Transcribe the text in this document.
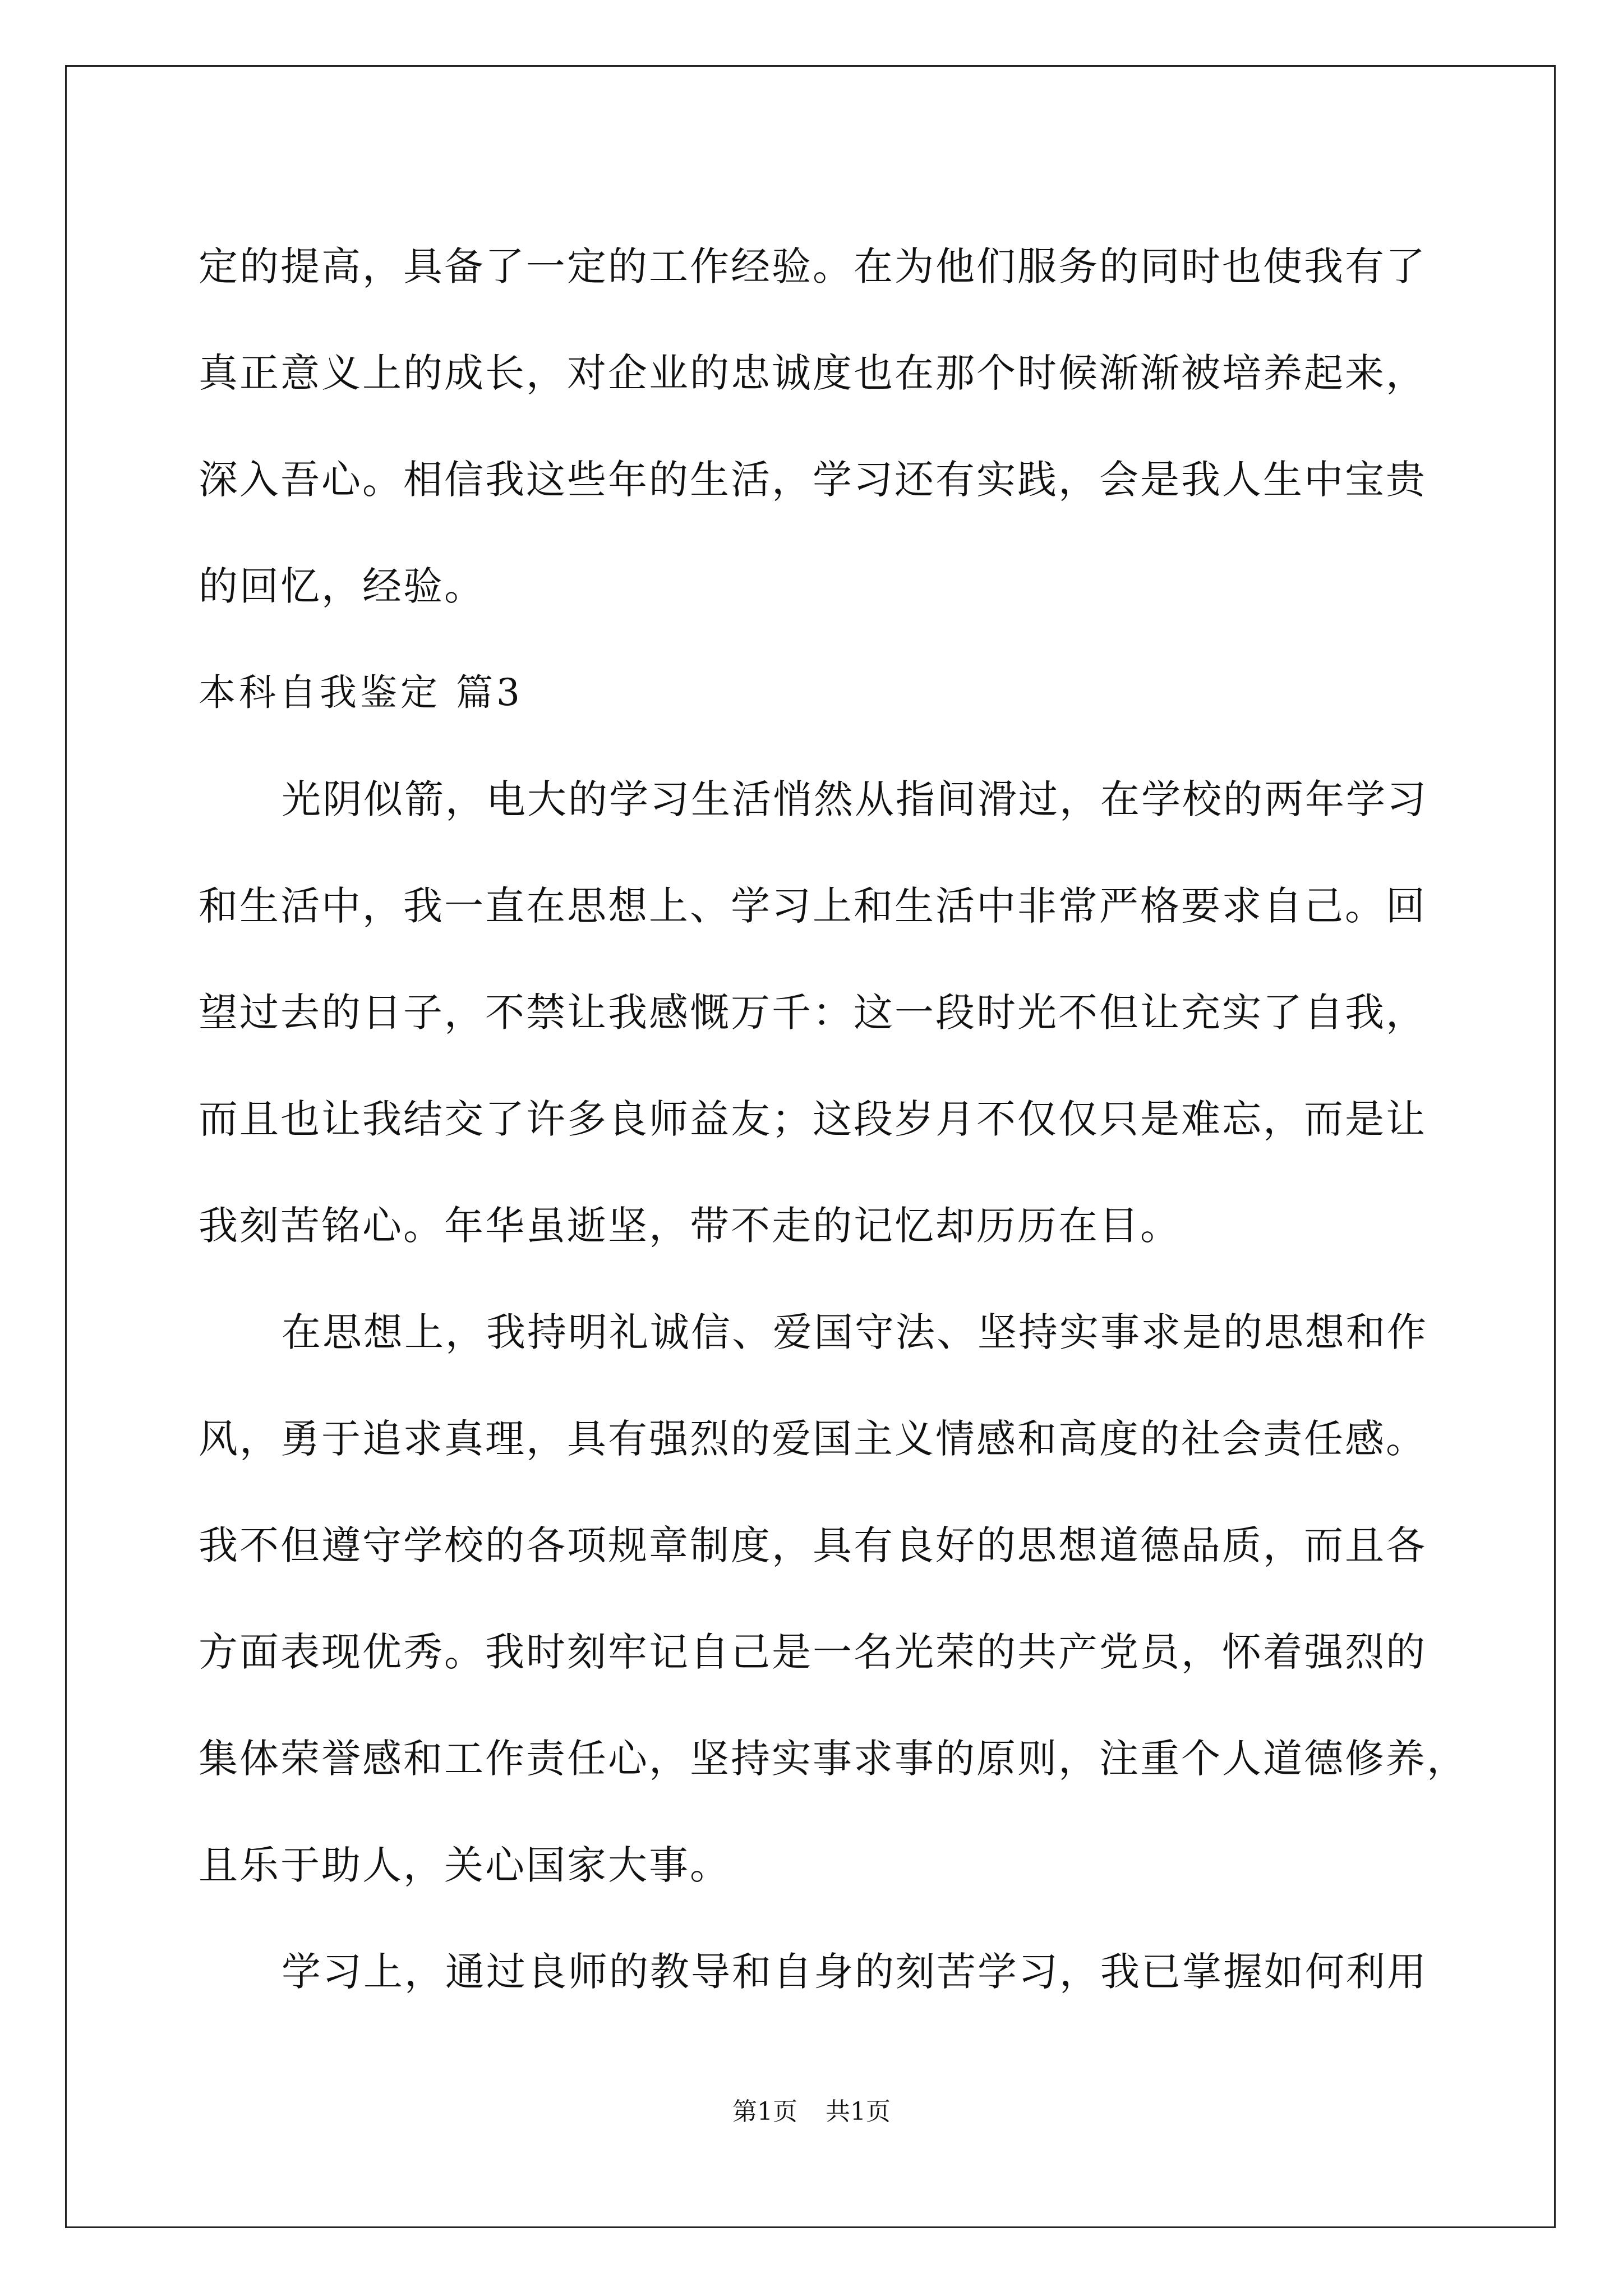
定的提高，具备了一定的工作经验。在为他们服务的同时也使我有了
真正意义上的成长，对企业的忠诚度也在那个时候渐渐被培养起来，
深入吾心。相信我这些年的生活，学习还有实践，会是我人生中宝贵
的回忆，经验。
本科自我鉴定 篇3
光阴似箭，电大的学习生活悄然从指间滑过，在学校的两年学习
和生活中，我一直在思想上、学习上和生活中非常严格要求自己。回
望过去的日子，不禁让我感慨万千：这一段时光不但让充实了自我，
而且也让我结交了许多良师益友；这段岁月不仅仅只是难忘，而是让
我刻苦铭心。年华虽逝坚，带不走的记忆却历历在目。
在思想上，我持明礼诚信、爱国守法、坚持实事求是的思想和作
风，勇于追求真理，具有强烈的爱国主义情感和高度的社会责任感。
我不但遵守学校的各项规章制度，具有良好的思想道德品质，而且各
方面表现优秀。我时刻牢记自己是一名光荣的共产党员，怀着强烈的
集体荣誉感和工作责任心，坚持实事求事的原则，注重个人道德修养，
且乐于助人，关心国家大事。
学习上，通过良师的教导和自身的刻苦学习，我已掌握如何利用
第1页 共1页
